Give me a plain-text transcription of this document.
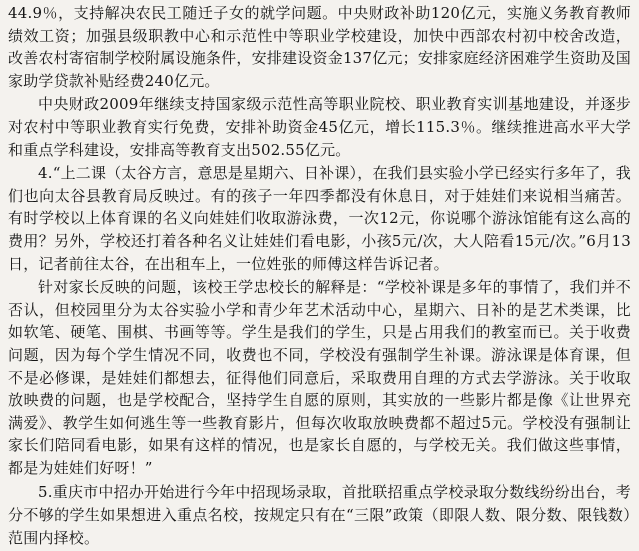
44.9％，支持解决农民工随迁子女的就学问题。中央财政补助120亿元，实施义务教育教师绩效工资；加强县级职教中心和示范性中等职业学校建设，加快中西部农村初中校舍改造，改善农村寄宿制学校附属设施条件，安排建设资金137亿元；安排家庭经济困难学生资助及国家助学贷款补贴经费240亿元。

中央财政2009年继续支持国家级示范性高等职业院校、职业教育实训基地建设，并逐步对农村中等职业教育实行免费，安排补助资金45亿元，增长115.3％。继续推进高水平大学和重点学科建设，安排高等教育支出502.55亿元。

4.“上二课（太谷方言，意思是星期六、日补课），在我们县实验小学已经实行多年了，我们也向太谷县教育局反映过。有的孩子一年四季都没有休息日，对于娃娃们来说相当痛苦。有时学校以上体育课的名义向娃娃们收取游泳费，一次12元，你说哪个游泳馆能有这么高的费用？另外，学校还打着各种名义让娃娃们看电影，小孩5元/次，大人陪看15元/次。”6月13日，记者前往太谷，在出租车上，一位姓张的师傅这样告诉记者。

针对家长反映的问题，该校王学忠校长的解释是：“学校补课是多年的事情了，我们并不否认，但校园里分为太谷实验小学和青少年艺术活动中心，星期六、日补的是艺术类课，比如软笔、硬笔、围棋、书画等等。学生是我们的学生，只是占用我们的教室而已。关于收费问题，因为每个学生情况不同，收费也不同，学校没有强制学生补课。游泳课是体育课，但不是必修课，是娃娃们都想去，征得他们同意后，采取费用自理的方式去学游泳。关于收取放映费的问题，也是学校配合，坚持学生自愿的原则，其实放的一些影片都是像《让世界充满爱》、教学生如何逃生等一些教育影片，但每次收取放映费都不超过5元。学校没有强制让家长们陪同看电影，如果有这样的情况，也是家长自愿的，与学校无关。我们做这些事情，都是为娃娃们好呀！”

5.重庆市中招办开始进行今年中招现场录取，首批联招重点学校录取分数线纷纷出台，考分不够的学生如果想进入重点名校，按规定只有在“三限”政策（即限人数、限分数、限钱数）范围内择校。
